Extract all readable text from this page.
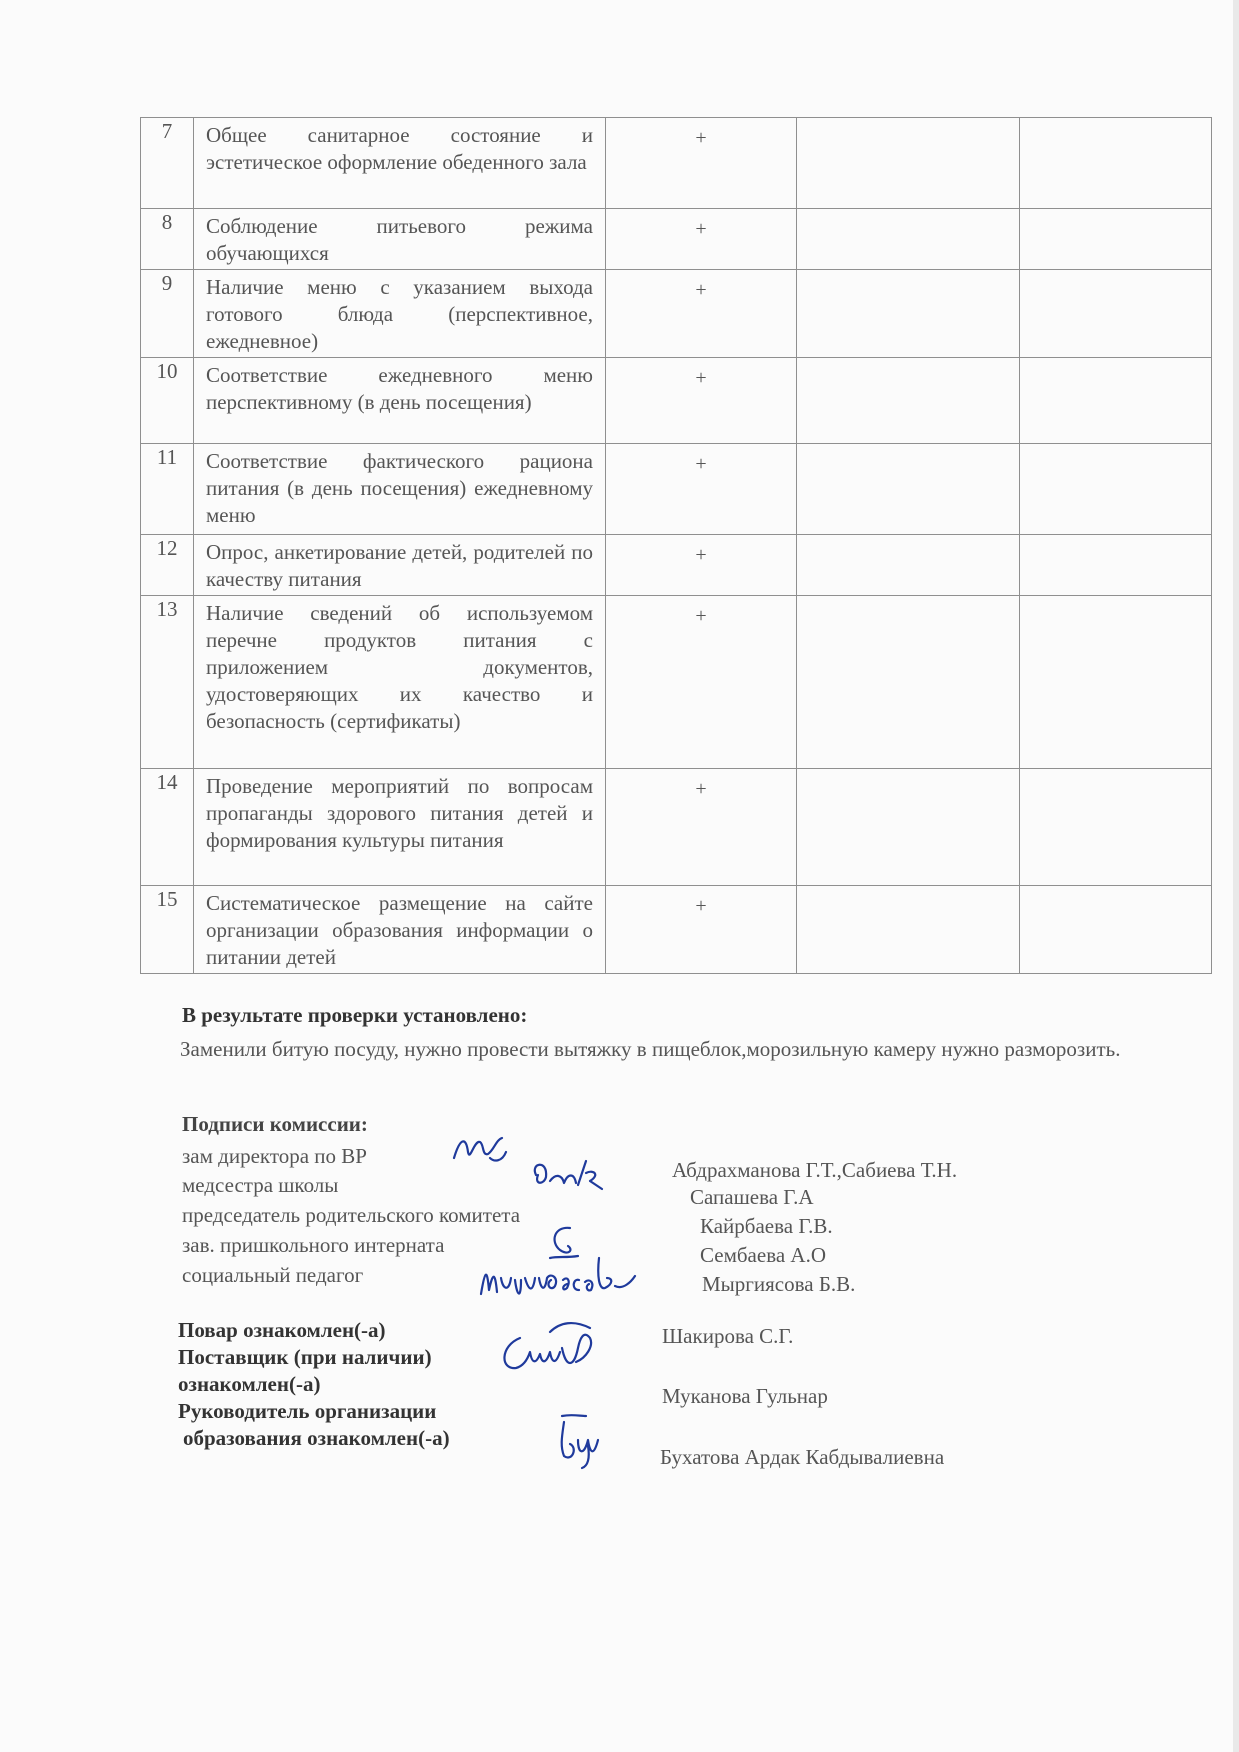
7	Общее санитарное состояние и эстетическое оформление обеденного зала	+		
8	Соблюдение питьевого режима обучающихся	+		
9	Наличие меню с указанием выхода готового блюда (перспективное, ежедневное)	+		
10	Соответствие ежедневного меню перспективному (в день посещения)	+		
11	Соответствие фактического рациона питания (в день посещения) ежедневному меню	+		
12	Опрос, анкетирование детей, родителей по качеству питания	+		
13	Наличие сведений об используемом перечне продуктов питания с приложением документов, удостоверяющих их качество и безопасность (сертификаты)	+		
14	Проведение мероприятий по вопросам пропаганды здорового питания детей и формирования культуры питания	+		
15	Систематическое размещение на сайте организации образования информации о питании детей	+		
В результате проверки установлено:
Заменили битую посуду, нужно провести вытяжку в пищеблок,морозильную камеру нужно разморозить.
Подписи комиссии:
зам директора по ВР
медсестра школы
председатель родительского комитета
зав. пришкольного интерната
социальный педагог
Абдрахманова Г.Т.,Сабиева Т.Н.
Сапашева Г.А
Кайрбаева Г.В.
Сембаева А.О
Мыргиясова Б.В.
Повар ознакомлен(-а)
Поставщик (при наличии)
ознакомлен(-а)
Руководитель организации
образования ознакомлен(-а)
Шакирова С.Г.
Муканова Гульнар
Бухатова Ардак Кабдывалиевна
